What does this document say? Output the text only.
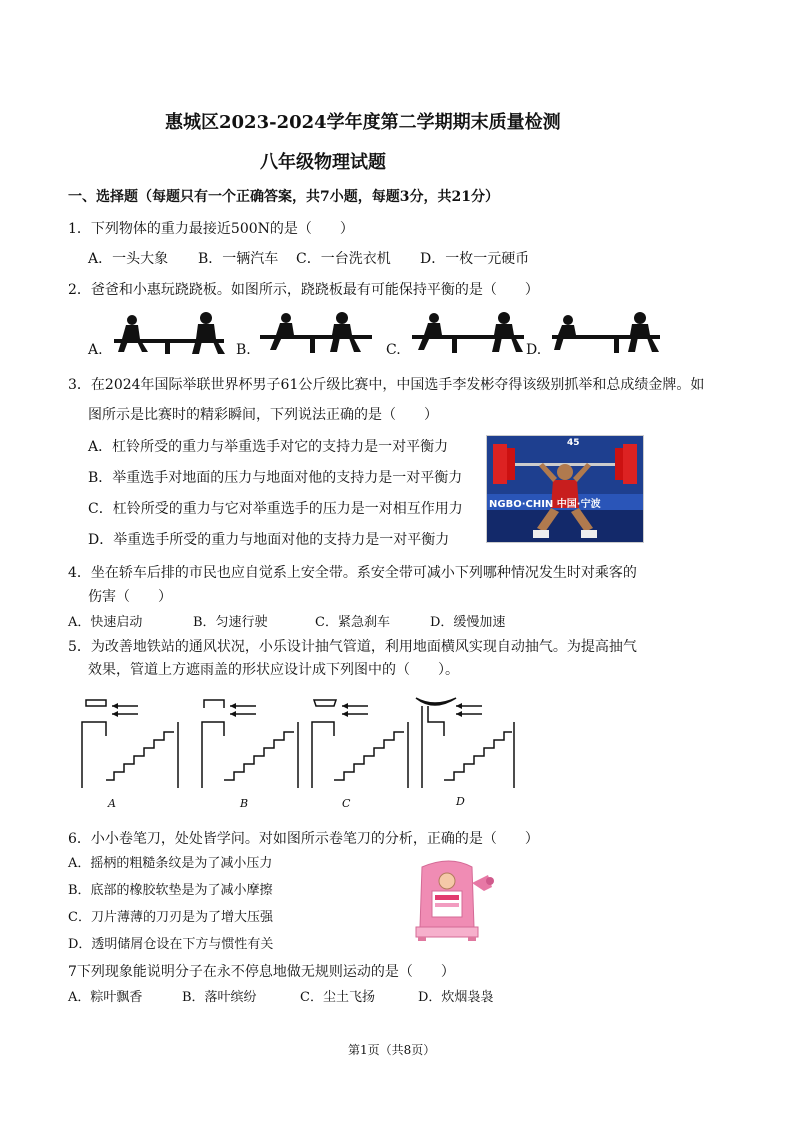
惠城区2023-2024学年度第二学期期末质量检测
八年级物理试题
一、选择题（每题只有一个正确答案，共7小题，每题3分，共21分）
1．下列物体的重力最接近500N的是（　　）
A．一头大象 B．一辆汽车 C．一台洗衣机 D．一枚一元硬币
2．爸爸和小惠玩跷跷板。如图所示，跷跷板最有可能保持平衡的是（　　）
A.	B.	C.	D.
3．在2024年国际举联世界杯男子61公斤级比赛中，中国选手李发彬夺得该级别抓举和总成绩金牌。如
图所示是比赛时的精彩瞬间，下列说法正确的是（　　）
A．杠铃所受的重力与举重选手对它的支持力是一对平衡力
B．举重选手对地面的压力与地面对他的支持力是一对平衡力
C．杠铃所受的重力与它对举重选手的压力是一对相互作用力
D．举重选手所受的重力与地面对他的支持力是一对平衡力
NGBO·CHIN 中国·宁波
45
4．坐在轿车后排的市民也应自觉系上安全带。系安全带可减小下列哪种情况发生时对乘客的
伤害（　　）
A．快速启动	B．匀速行驶	C．紧急刹车	D．缓慢加速
5．为改善地铁站的通风状况，小乐设计抽气管道，利用地面横风实现自动抽气。为提高抽气
效果，管道上方遮雨盖的形状应设计成下列图中的（　　）。
A	B	C	D
6．小小卷笔刀，处处皆学问。对如图所示卷笔刀的分析，正确的是（　　）
A．摇柄的粗糙条纹是为了减小压力
B．底部的橡胶软垫是为了减小摩擦
C．刀片薄薄的刀刃是为了增大压强
D．透明储屑仓设在下方与惯性有关
7下列现象能说明分子在永不停息地做无规则运动的是（　　）
A．粽叶飘香	B．落叶缤纷	C．尘土飞扬	D．炊烟袅袅
第1页（共8页）
